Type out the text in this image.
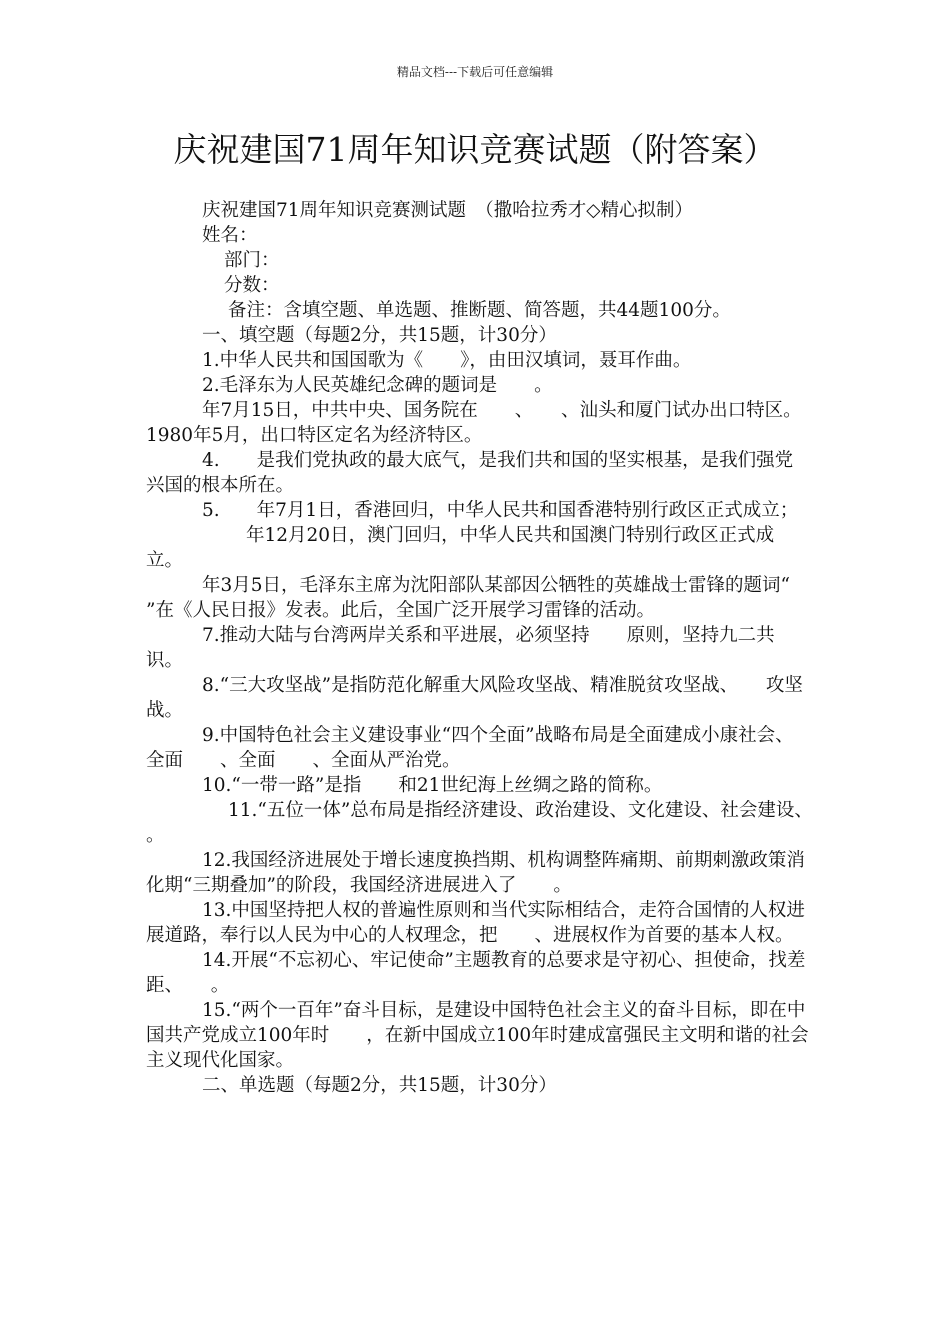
精品文档---下载后可任意编辑
庆祝建国71周年知识竞赛试题（附答案）

庆祝建国71周年知识竞赛测试题　（撒哈拉秀才◇精心拟制）

姓名：

部门：

分数：

备注：含填空题、单选题、推断题、简答题，共44题100分。

一、填空题（每题2分，共15题，计30分）

1.中华人民共和国国歌为《　　》，由田汉填词，聂耳作曲。

2.毛泽东为人民英雄纪念碑的题词是　　。

年7月15日，中共中央、国务院在　　、　　、汕头和厦门试办出口特区。1980年5月，出口特区定名为经济特区。

4.　　是我们党执政的最大底气，是我们共和国的坚实根基，是我们强党兴国的根本所在。

5.　　年7月1日，香港回归，中华人民共和国香港特别行政区正式成立；

年12月20日，澳门回归，中华人民共和国澳门特别行政区正式成立。

年3月5日，毛泽东主席为沈阳部队某部因公牺牲的英雄战士雷锋的题词“　　”在《人民日报》发表。此后，全国广泛开展学习雷锋的活动。

7.推动大陆与台湾两岸关系和平进展，必须坚持　　原则，坚持九二共识。

8.“三大攻坚战”是指防范化解重大风险攻坚战、精准脱贫攻坚战、　　攻坚战。

9.中国特色社会主义建设事业“四个全面”战略布局是全面建成小康社会、全面　　、全面　　、全面从严治党。

10.“一带一路”是指　　和21世纪海上丝绸之路的简称。

11.“五位一体”总布局是指经济建设、政治建设、文化建设、社会建设、　　。

12.我国经济进展处于增长速度换挡期、机构调整阵痛期、前期刺激政策消化期“三期叠加”的阶段，我国经济进展进入了　　。

13.中国坚持把人权的普遍性原则和当代实际相结合，走符合国情的人权进展道路，奉行以人民为中心的人权理念，把　　、进展权作为首要的基本人权。

14.开展“不忘初心、牢记使命”主题教育的总要求是守初心、担使命，找差距、　　。

15.“两个一百年”奋斗目标，是建设中国特色社会主义的奋斗目标，即在中国共产党成立100年时　　，在新中国成立100年时建成富强民主文明和谐的社会主义现代化国家。

二、单选题（每题2分，共15题，计30分）
